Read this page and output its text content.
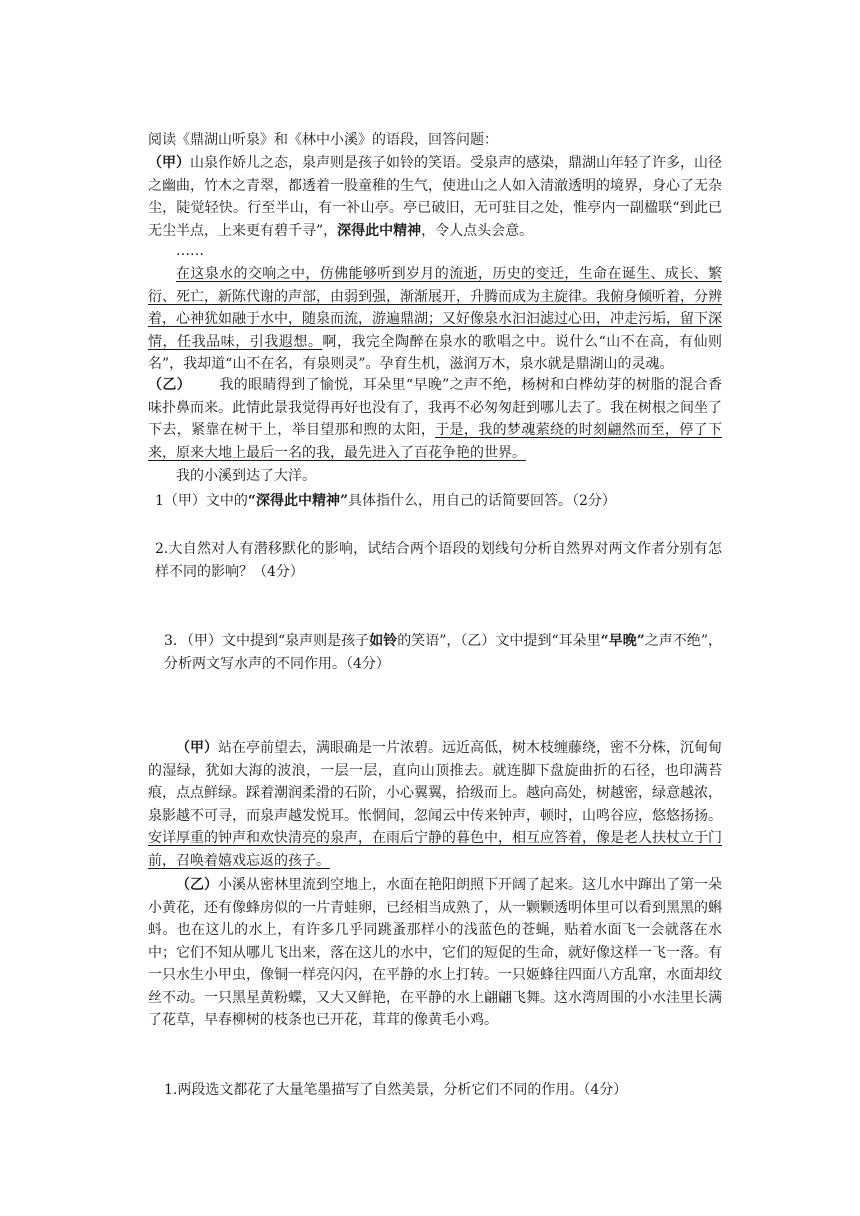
阅读《鼎湖山听泉》和《林中小溪》的语段，回答问题：

（甲）山泉作娇儿之态，泉声则是孩子如铃的笑语。受泉声的感染，鼎湖山年轻了许多，山径之幽曲，竹木之青翠，都透着一股童稚的生气，使进山之人如入清澈透明的境界，身心了无杂尘，陡觉轻快。行至半山，有一补山亭。亭已破旧，无可驻目之处，惟亭内一副楹联“到此已无尘半点，上来更有碧千寻”，深得此中精神，令人点头会意。

……

在这泉水的交响之中，仿佛能够听到岁月的流逝，历史的变迁，生命在诞生、成长、繁衍、死亡，新陈代谢的声部，由弱到强，渐渐展开，升腾而成为主旋律。我俯身倾听着，分辨着，心神犹如融于水中，随泉而流，游遍鼎湖；又好像泉水汩汩滤过心田，冲走污垢，留下深情，任我品味，引我遐想。啊，我完全陶醉在泉水的歌唱之中。说什么“山不在高，有仙则名”，我却道“山不在名，有泉则灵”。孕育生机，滋润万木，泉水就是鼎湖山的灵魂。

（乙） 我的眼睛得到了愉悦，耳朵里“早晚”之声不绝，杨树和白桦幼芽的树脂的混合香味扑鼻而来。此情此景我觉得再好也没有了，我再不必匆匆赶到哪儿去了。我在树根之间坐了下去，紧靠在树干上，举目望那和煦的太阳，于是，我的梦魂萦绕的时刻翩然而至，停了下来，原来大地上最后一名的我，最先进入了百花争艳的世界。

我的小溪到达了大洋。

1（甲）文中的“深得此中精神”具体指什么，用自己的话简要回答。（2分）
2.大自然对人有潜移默化的影响，试结合两个语段的划线句分析自然界对两文作者分别有怎样不同的影响？（4分）
3．（甲）文中提到“泉声则是孩子如铃的笑语”，（乙）文中提到“耳朵里“早晚”之声不绝”，分析两文写水声的不同作用。（4分）

（甲）站在亭前望去，满眼确是一片浓碧。远近高低，树木枝缠藤绕，密不分株，沉甸甸的湿绿，犹如大海的波浪，一层一层，直向山顶推去。就连脚下盘旋曲折的石径，也印满苔痕，点点鲜绿。踩着潮润柔滑的石阶，小心翼翼，拾级而上。越向高处，树越密，绿意越浓，泉影越不可寻，而泉声越发悦耳。怅惘间，忽闻云中传来钟声，顿时，山鸣谷应，悠悠扬扬。安详厚重的钟声和欢快清亮的泉声，在雨后宁静的暮色中，相互应答着，像是老人扶杖立于门前，召唤着嬉戏忘返的孩子。

（乙）小溪从密林里流到空地上，水面在艳阳朗照下开阔了起来。这儿水中蹿出了第一朵小黄花，还有像蜂房似的一片青蛙卵，已经相当成熟了，从一颗颗透明体里可以看到黑黑的蝌蚪。也在这儿的水上，有许多几乎同跳蚤那样小的浅蓝色的苍蝇，贴着水面飞一会就落在水中；它们不知从哪儿飞出来，落在这儿的水中，它们的短促的生命，就好像这样一飞一落。有一只水生小甲虫，像铜一样亮闪闪，在平静的水上打转。一只姬蜂往四面八方乱窜，水面却纹丝不动。一只黑星黄粉蝶，又大又鲜艳，在平静的水上翩翩飞舞。这水湾周围的小水洼里长满了花草，早春柳树的枝条也已开花，茸茸的像黄毛小鸡。

1.两段选文都花了大量笔墨描写了自然美景，分析它们不同的作用。（4分）
